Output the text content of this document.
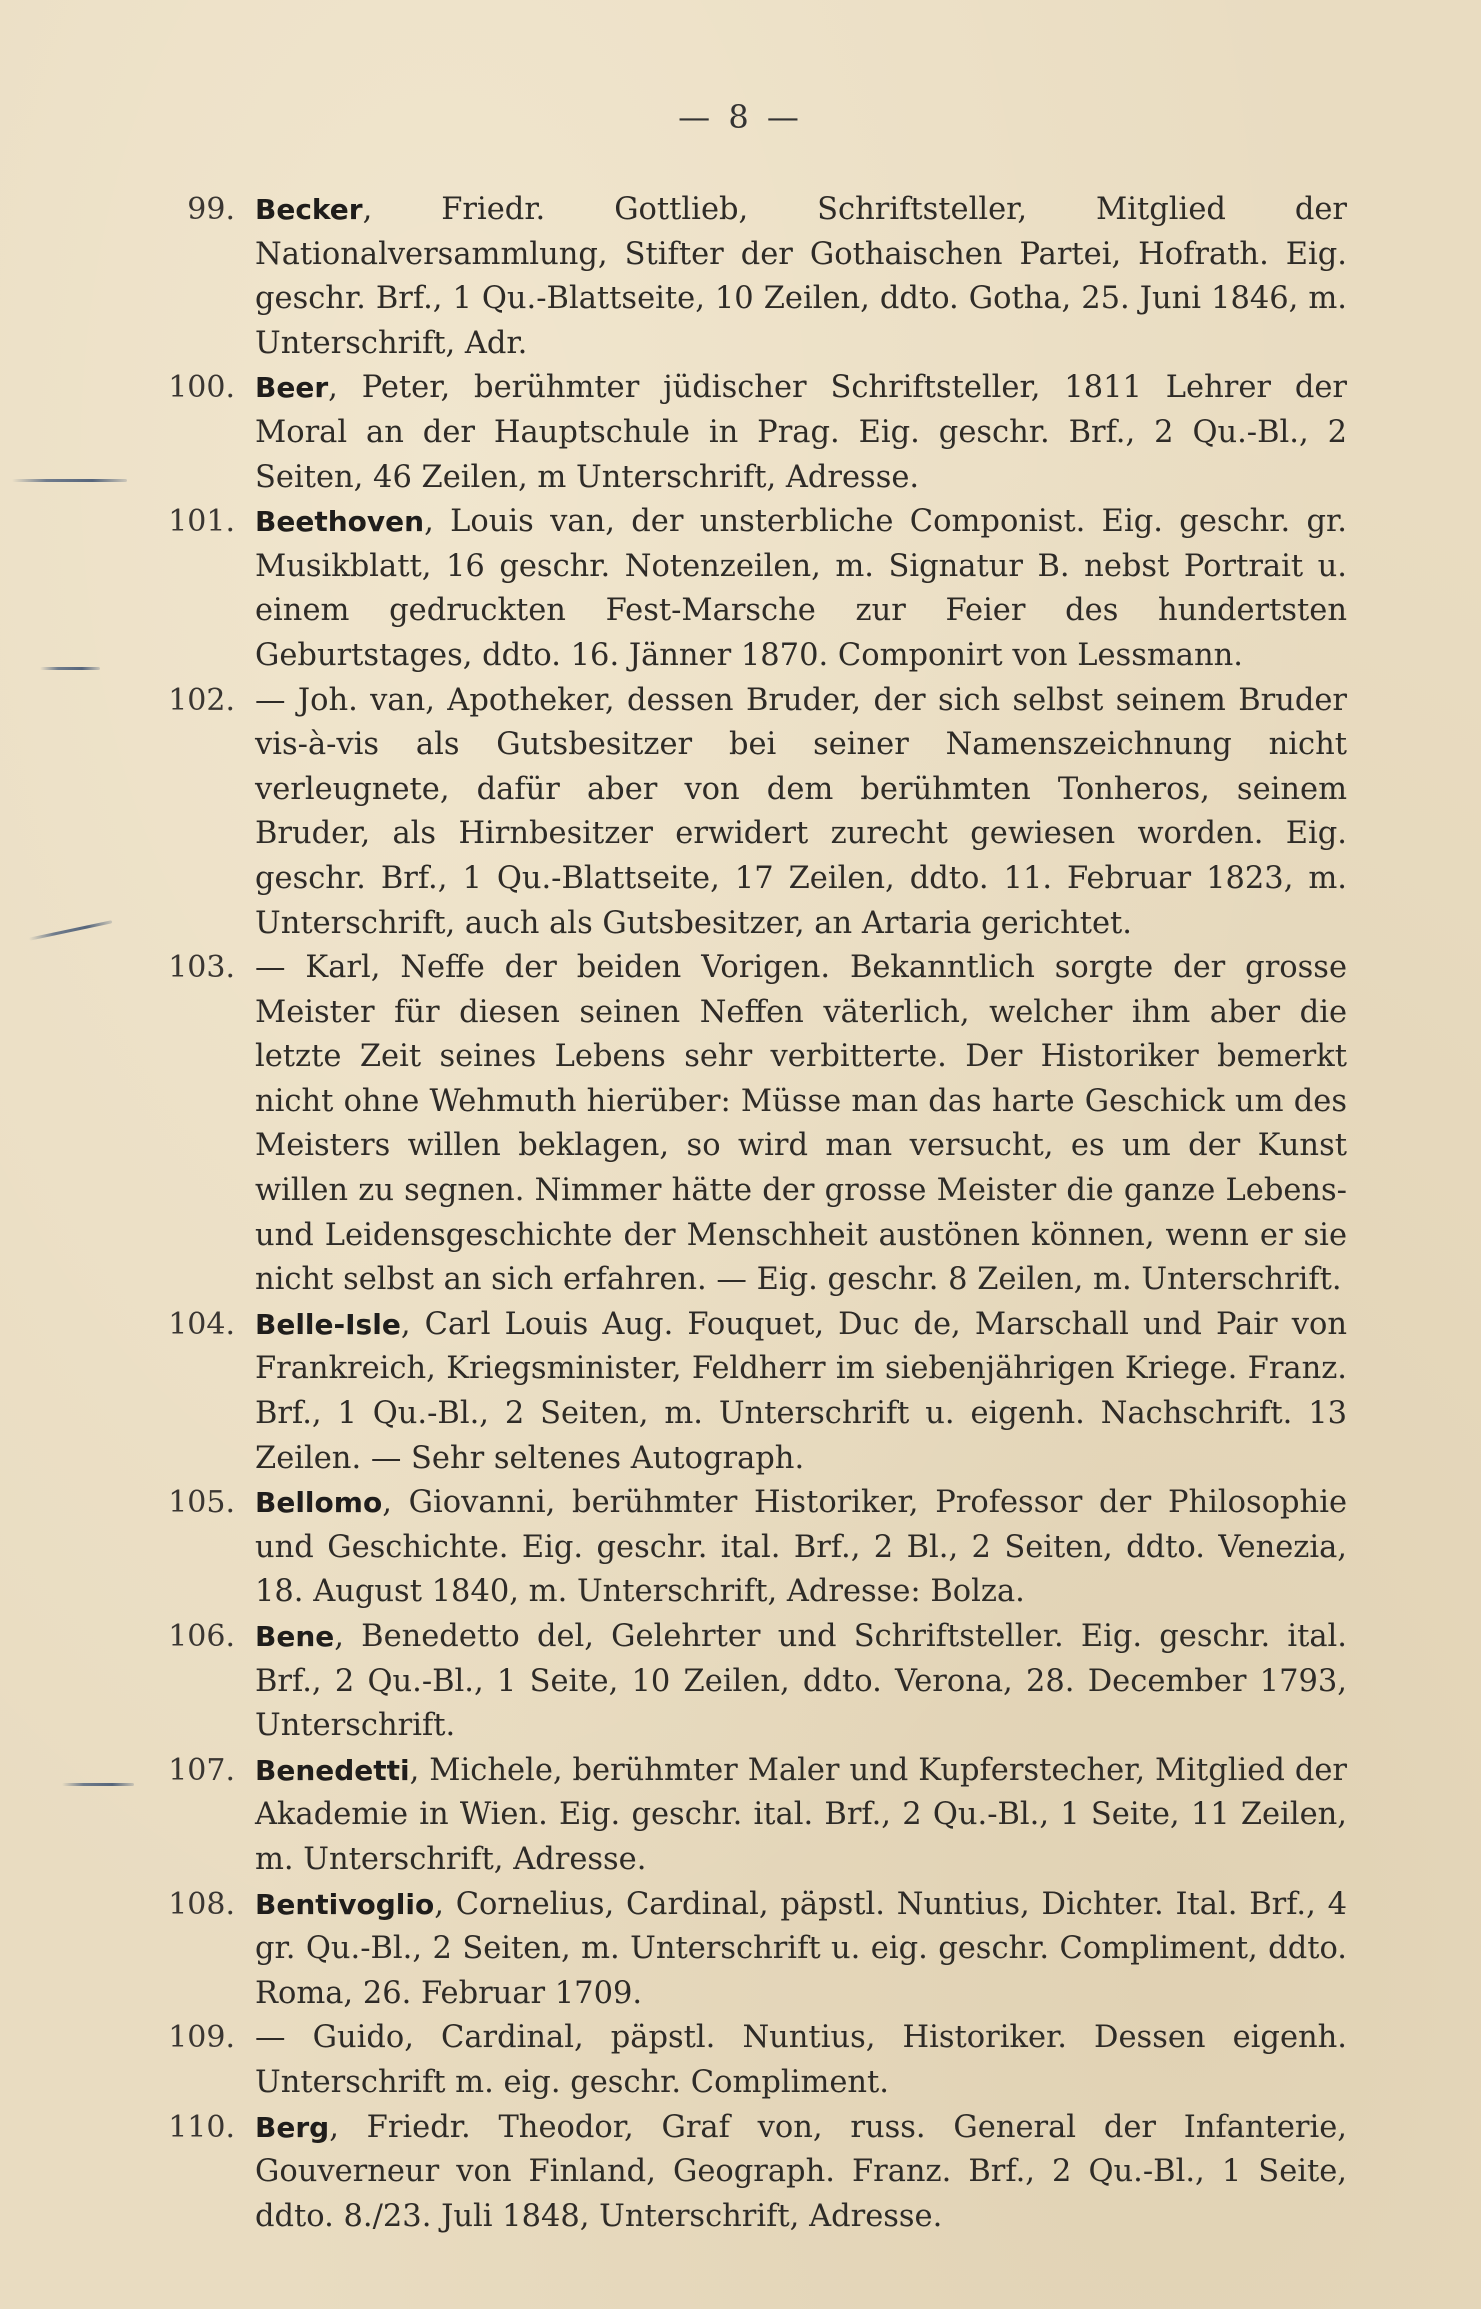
— 8 —
99. Becker, Friedr. Gottlieb, Schriftsteller, Mitglied der Nationalversammlung, Stifter der Gothaischen Partei, Hofrath. Eig. geschr. Brf., 1 Qu.-Blattseite, 10 Zeilen, ddto. Gotha, 25. Juni 1846, m. Unterschrift, Adr.
100. Beer, Peter, berühmter jüdischer Schriftsteller, 1811 Lehrer der Moral an der Hauptschule in Prag. Eig. geschr. Brf., 2 Qu.-Bl., 2 Seiten, 46 Zeilen, m Unterschrift, Adresse.
101. Beethoven, Louis van, der unsterbliche Componist. Eig. geschr. gr. Musikblatt, 16 geschr. Notenzeilen, m. Signatur B. nebst Portrait u. einem gedruckten Fest-Marsche zur Feier des hundertsten Geburtstages, ddto. 16. Jänner 1870. Componirt von Lessmann.
102. — Joh. van, Apotheker, dessen Bruder, der sich selbst seinem Bruder vis-à-vis als Gutsbesitzer bei seiner Namenszeichnung nicht verleugnete, dafür aber von dem berühmten Tonheros, seinem Bruder, als Hirnbesitzer erwidert zurecht gewiesen worden. Eig. geschr. Brf., 1 Qu.-Blattseite, 17 Zeilen, ddto. 11. Februar 1823, m. Unterschrift, auch als Gutsbesitzer, an Artaria gerichtet.
103. — Karl, Neffe der beiden Vorigen. Bekanntlich sorgte der grosse Meister für diesen seinen Neffen väterlich, welcher ihm aber die letzte Zeit seines Lebens sehr verbitterte. Der Historiker bemerkt nicht ohne Wehmuth hierüber: Müsse man das harte Geschick um des Meisters willen beklagen, so wird man versucht, es um der Kunst willen zu segnen. Nimmer hätte der grosse Meister die ganze Lebens- und Leidensgeschichte der Menschheit austönen können, wenn er sie nicht selbst an sich erfahren. — Eig. geschr. 8 Zeilen, m. Unterschrift.
104. Belle-Isle, Carl Louis Aug. Fouquet, Duc de, Marschall und Pair von Frankreich, Kriegsminister, Feldherr im siebenjährigen Kriege. Franz. Brf., 1 Qu.-Bl., 2 Seiten, m. Unterschrift u. eigenh. Nachschrift. 13 Zeilen. — Sehr seltenes Autograph.
105. Bellomo, Giovanni, berühmter Historiker, Professor der Philosophie und Geschichte. Eig. geschr. ital. Brf., 2 Bl., 2 Seiten, ddto. Venezia, 18. August 1840, m. Unterschrift, Adresse: Bolza.
106. Bene, Benedetto del, Gelehrter und Schriftsteller. Eig. geschr. ital. Brf., 2 Qu.-Bl., 1 Seite, 10 Zeilen, ddto. Verona, 28. December 1793, Unterschrift.
107. Benedetti, Michele, berühmter Maler und Kupferstecher, Mitglied der Akademie in Wien. Eig. geschr. ital. Brf., 2 Qu.-Bl., 1 Seite, 11 Zeilen, m. Unterschrift, Adresse.
108. Bentivoglio, Cornelius, Cardinal, päpstl. Nuntius, Dichter. Ital. Brf., 4 gr. Qu.-Bl., 2 Seiten, m. Unterschrift u. eig. geschr. Compliment, ddto. Roma, 26. Februar 1709.
109. — Guido, Cardinal, päpstl. Nuntius, Historiker. Dessen eigenh. Unterschrift m. eig. geschr. Compliment.
110. Berg, Friedr. Theodor, Graf von, russ. General der Infanterie, Gouverneur von Finland, Geograph. Franz. Brf., 2 Qu.-Bl., 1 Seite, ddto. 8./23. Juli 1848, Unterschrift, Adresse.
